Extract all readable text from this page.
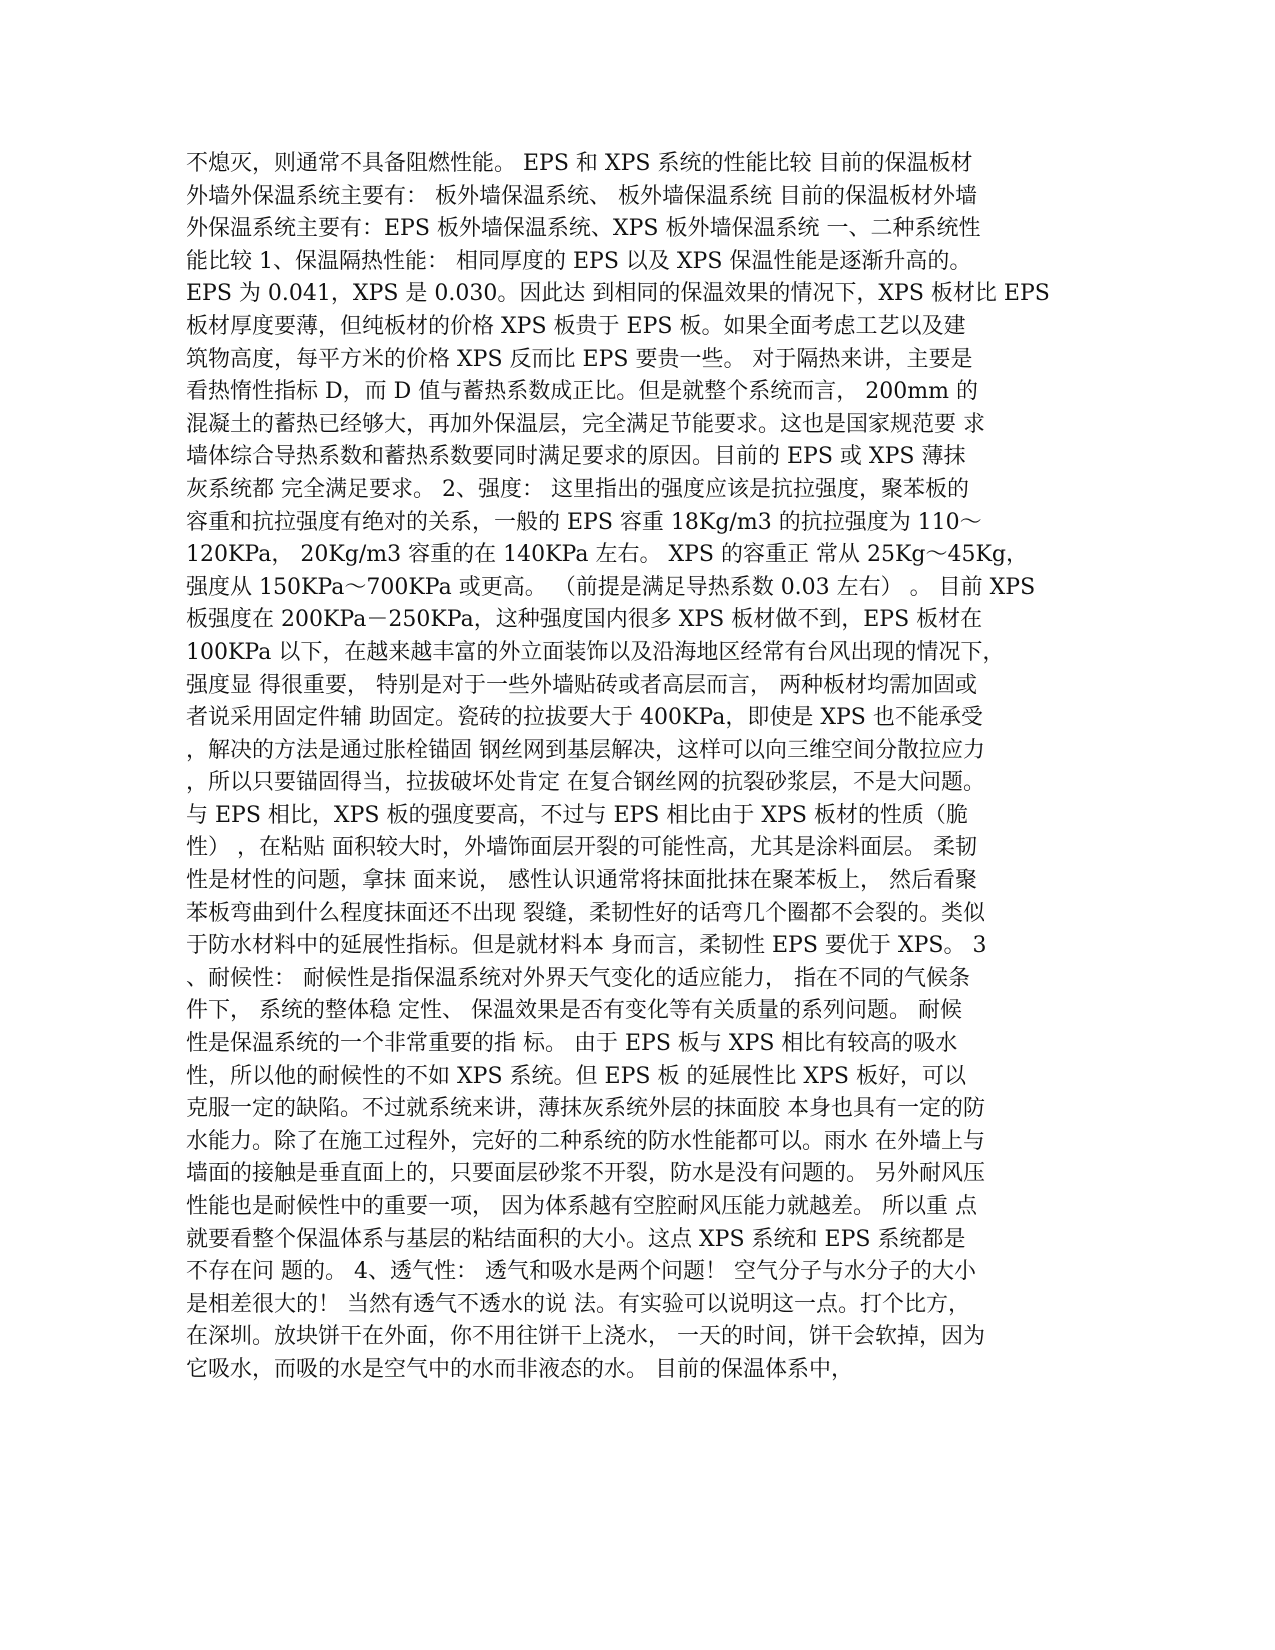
不熄灭，则通常不具备阻燃性能。 EPS 和 XPS 系统的性能比较 目前的保温板材
外墙外保温系统主要有： 板外墙保温系统、 板外墙保温系统 目前的保温板材外墙
外保温系统主要有：EPS 板外墙保温系统、XPS 板外墙保温系统 一、二种系统性
能比较 1、保温隔热性能： 相同厚度的 EPS 以及 XPS 保温性能是逐渐升高的。
EPS 为 0.041，XPS 是 0.030。因此达 到相同的保温效果的情况下，XPS 板材比 EPS
板材厚度要薄，但纯板材的价格 XPS 板贵于 EPS 板。如果全面考虑工艺以及建
筑物高度，每平方米的价格 XPS 反而比 EPS 要贵一些。 对于隔热来讲，主要是
看热惰性指标 D，而 D 值与蓄热系数成正比。但是就整个系统而言， 200mm 的
混凝土的蓄热已经够大，再加外保温层，完全满足节能要求。这也是国家规范要 求
墙体综合导热系数和蓄热系数要同时满足要求的原因。目前的 EPS 或 XPS 薄抹
灰系统都 完全满足要求。 2、强度： 这里指出的强度应该是抗拉强度，聚苯板的
容重和抗拉强度有绝对的关系，一般的 EPS 容重 18Kg/m3 的抗拉强度为 110～
120KPa， 20Kg/m3 容重的在 140KPa 左右。 XPS 的容重正 常从 25Kg～45Kg，
强度从 150KPa～700KPa 或更高。 （前提是满足导热系数 0.03 左右） 。 目前 XPS
板强度在 200KPa－250KPa，这种强度国内很多 XPS 板材做不到，EPS 板材在
100KPa 以下，在越来越丰富的外立面装饰以及沿海地区经常有台风出现的情况下，
强度显 得很重要， 特别是对于一些外墙贴砖或者高层而言， 两种板材均需加固或
者说采用固定件辅 助固定。瓷砖的拉拔要大于 400KPa，即使是 XPS 也不能承受
，解决的方法是通过胀栓锚固 钢丝网到基层解决，这样可以向三维空间分散拉应力
，所以只要锚固得当，拉拔破坏处肯定 在复合钢丝网的抗裂砂浆层，不是大问题。
与 EPS 相比，XPS 板的强度要高，不过与 EPS 相比由于 XPS 板材的性质（脆
性） ，在粘贴 面积较大时，外墙饰面层开裂的可能性高，尤其是涂料面层。 柔韧
性是材性的问题，拿抹 面来说， 感性认识通常将抹面批抹在聚苯板上， 然后看聚
苯板弯曲到什么程度抹面还不出现 裂缝，柔韧性好的话弯几个圈都不会裂的。类似
于防水材料中的延展性指标。但是就材料本 身而言，柔韧性 EPS 要优于 XPS。 3
、耐候性： 耐候性是指保温系统对外界天气变化的适应能力， 指在不同的气候条
件下， 系统的整体稳 定性、 保温效果是否有变化等有关质量的系列问题。 耐候
性是保温系统的一个非常重要的指 标。 由于 EPS 板与 XPS 相比有较高的吸水
性，所以他的耐候性的不如 XPS 系统。但 EPS 板 的延展性比 XPS 板好，可以
克服一定的缺陷。不过就系统来讲，薄抹灰系统外层的抹面胶 本身也具有一定的防
水能力。除了在施工过程外，完好的二种系统的防水性能都可以。雨水 在外墙上与
墙面的接触是垂直面上的，只要面层砂浆不开裂，防水是没有问题的。 另外耐风压
性能也是耐候性中的重要一项， 因为体系越有空腔耐风压能力就越差。 所以重 点
就要看整个保温体系与基层的粘结面积的大小。这点 XPS 系统和 EPS 系统都是
不存在问 题的。 4、透气性： 透气和吸水是两个问题！ 空气分子与水分子的大小
是相差很大的！ 当然有透气不透水的说 法。有实验可以说明这一点。打个比方，
在深圳。放块饼干在外面，你不用往饼干上浇水， 一天的时间，饼干会软掉，因为
它吸水，而吸的水是空气中的水而非液态的水。 目前的保温体系中，
